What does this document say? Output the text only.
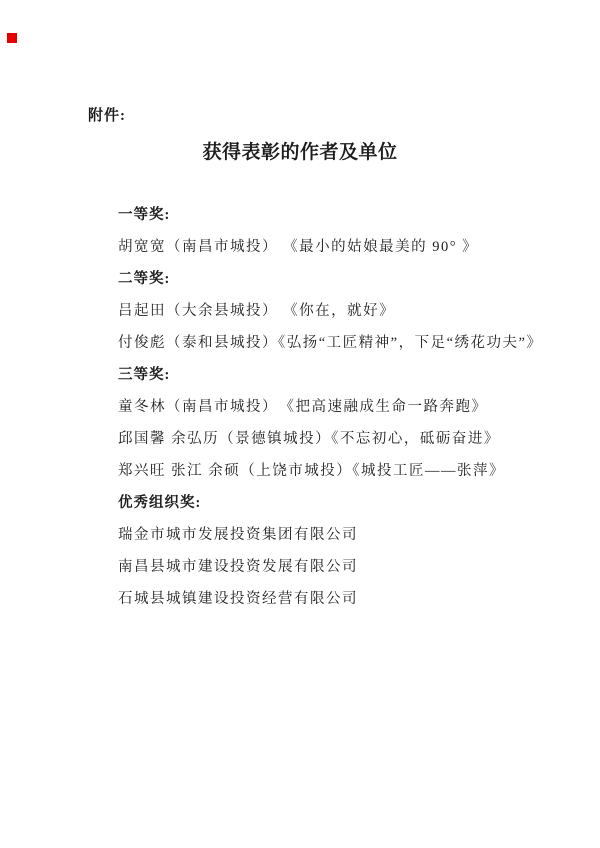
附件:
获得表彰的作者及单位
一等奖:
胡宽宽（南昌市城投） 《最小的姑娘最美的 90° 》
二等奖:
吕起田（大余县城投） 《你在，就好》
付俊彪（泰和县城投）《弘扬“工匠精神”，下足“绣花功夫”》
三等奖:
童冬林（南昌市城投）　《把高速融成生命一路奔跑》
邱国馨 余弘历（景德镇城投）《不忘初心，砥砺奋进》
郑兴旺 张江 余硕（上饶市城投）《城投工匠——张萍》
优秀组织奖:
瑞金市城市发展投资集团有限公司
南昌县城市建设投资发展有限公司
石城县城镇建设投资经营有限公司
